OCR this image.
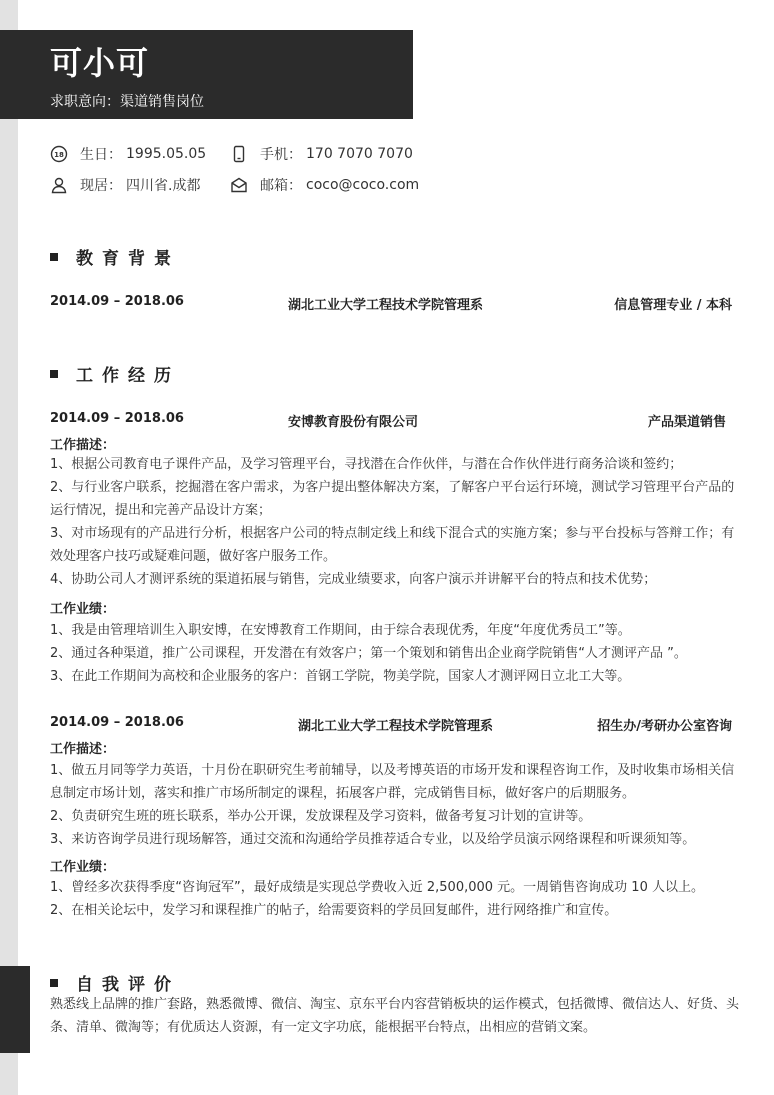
可小可
求职意向：渠道销售岗位
18 生日： 1995.05.05	手机： 170 7070 7070
现居： 四川省.成都	邮箱： coco@coco.com
教育背景
2014.09 – 2018.06	湖北工业大学工程技术学院管理系	信息管理专业 / 本科
工作经历
2014.09 – 2018.06	安博教育股份有限公司	产品渠道销售
工作描述：
1、根据公司教育电子课件产品，及学习管理平台，寻找潜在合作伙伴，与潜在合作伙伴进行商务洽谈和签约；
2、与行业客户联系，挖掘潜在客户需求，为客户提出整体解决方案，了解客户平台运行环境，测试学习管理平台产品的运行情况，提出和完善产品设计方案；
3、对市场现有的产品进行分析，根据客户公司的特点制定线上和线下混合式的实施方案；参与平台投标与答辩工作；有效处理客户技巧或疑难问题，做好客户服务工作。
4、协助公司人才测评系统的渠道拓展与销售，完成业绩要求，向客户演示并讲解平台的特点和技术优势；
工作业绩：
1、我是由管理培训生入职安博，在安博教育工作期间，由于综合表现优秀，年度“年度优秀员工”等。
2、通过各种渠道，推广公司课程，开发潜在有效客户；第一个策划和销售出企业商学院销售“人才测评产品 ”。
3、在此工作期间为高校和企业服务的客户：首钢工学院，物美学院，国家人才测评网日立北工大等。
2014.09 – 2018.06	湖北工业大学工程技术学院管理系	招生办/考研办公室咨询
工作描述：
1、做五月同等学力英语，十月份在职研究生考前辅导，以及考博英语的市场开发和课程咨询工作，及时收集市场相关信息制定市场计划，落实和推广市场所制定的课程，拓展客户群，完成销售目标，做好客户的后期服务。
2、负责研究生班的班长联系，举办公开课，发放课程及学习资料，做备考复习计划的宣讲等。
3、来访咨询学员进行现场解答，通过交流和沟通给学员推荐适合专业，以及给学员演示网络课程和听课须知等。
工作业绩：
1、曾经多次获得季度“咨询冠军”，最好成绩是实现总学费收入近 2,500,000 元。一周销售咨询成功 10 人以上。
2、在相关论坛中，发学习和课程推广的帖子，给需要资料的学员回复邮件，进行网络推广和宣传。
自我评价
熟悉线上品牌的推广套路，熟悉微博、微信、淘宝、京东平台内容营销板块的运作模式，包括微博、微信达人、好货、头条、清单、微淘等；有优质达人资源，有一定文字功底，能根据平台特点，出相应的营销文案。
